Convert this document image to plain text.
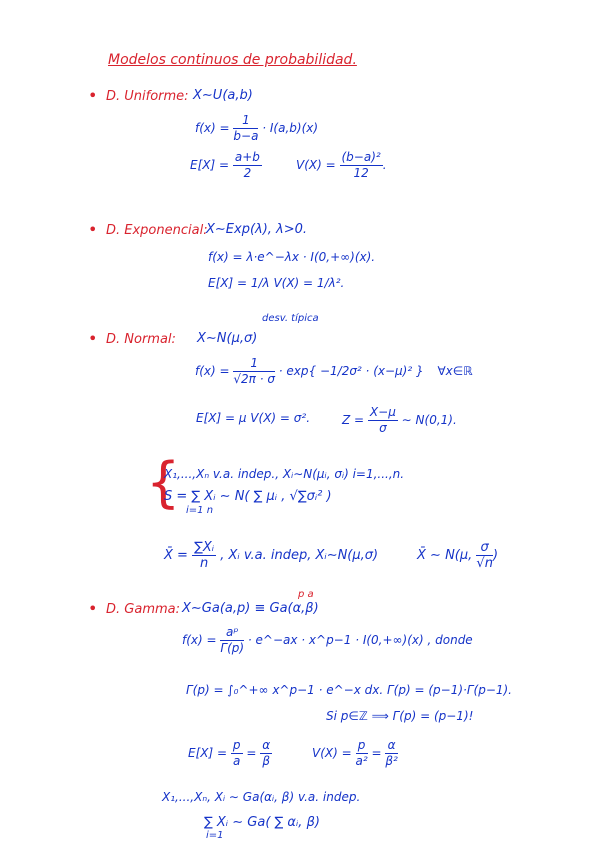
Modelos continuos de probabilidad.
• D. Uniforme: X∼U(a,b)
$f(x) = \frac{1}{b-a} \cdot I(a,b)(x)$
$E[X] = \frac{a+b}{2}$	$V(X) = \frac{\text{(b−a)²}}{12}$ .
• D. Exponencial:
X∼Exp(λ), λ>0.
f(x) = λ·e^−λx · I(0,+∞)(x).
E[X] = 1/λ V(X) = 1/λ².
desv. típica
• D. Normal: X∼N(μ,σ)
$f(x) = \frac{1}{√2\pi \cdot \sigma} \cdot \exp\{ -1/2\sigma^2 \cdot (x-\mu)^2$ } ∀x∈ℝ
E[X] = μ V(X) = σ².	$Z = \frac{X-\mu}{\sigma}$ ∼ N(0,1).
{
X₁,...,Xₙ v.a. indep., Xᵢ∼N(μᵢ, σᵢ) i=1,...,n.
S = ∑ Xᵢ ∼ N( ∑ μᵢ , √∑σᵢ² )
i=1 n
X̄ = $\frac{\text{∑Xᵢ}}{n}$ , Xᵢ v.a. indep, Xᵢ∼N(μ,σ)	X̄ ∼ N(μ, $\frac{\sigma}{√n}$ )
• D. Gamma:
p a
X∼Ga(a,p) ≡ Ga(α,β)
$f(x) = \frac{\text{aᵖ}}{\Gamma(p)}$ · e^−ax · x^p−1 · I(0,+∞)(x) , donde
Γ(p) = ∫₀^+∞ x^p−1 · e^−x dx. Γ(p) = (p−1)·Γ(p−1).
Si p∈ℤ ⟹ Γ(p) = (p−1)!
$E[X] = \frac{p}{a} = \frac{\alpha}{\beta}$	$V(X) = \frac{p}{\text{a²}} = \frac{\alpha}{\text{β²}}$
X₁,...,Xₙ, Xᵢ ∼ Ga(αᵢ, β) v.a. indep.
∑ Xᵢ ∼ Ga( ∑ αᵢ, β)
i=1
